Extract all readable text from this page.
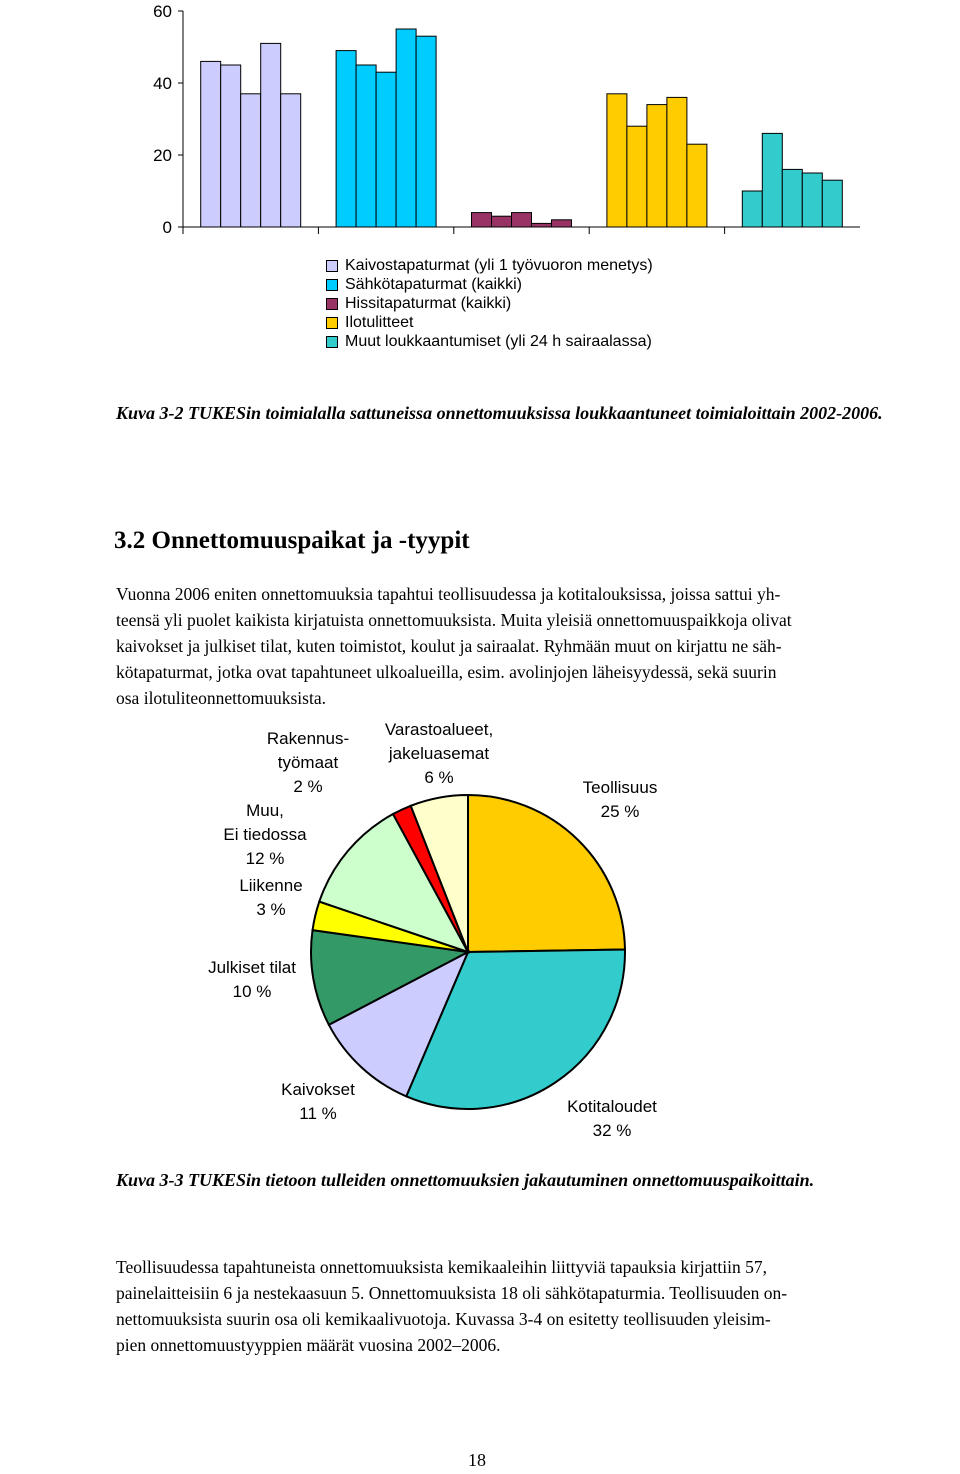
0
20
40
60
Kaivostapaturmat (yli 1 työvuoron menetys)
Sähkötapaturmat (kaikki)
Hissitapaturmat (kaikki)
Ilotulitteet
Muut loukkaantumiset (yli 24 h sairaalassa)
Kuva 3-2 TUKESin toimialalla sattuneissa onnettomuuksissa loukkaantuneet toimialoittain 2002-2006.
3.2 Onnettomuuspaikat ja -tyypit
Vuonna 2006 eniten onnettomuuksia tapahtui teollisuudessa ja kotitalouksissa, joissa sattui yh-
teensä yli puolet kaikista kirjatuista onnettomuuksista. Muita yleisiä onnettomuuspaikkoja olivat
kaivokset ja julkiset tilat, kuten toimistot, koulut ja sairaalat. Ryhmään muut on kirjattu ne säh-
kötapaturmat, jotka ovat tapahtuneet ulkoalueilla, esim. avolinjojen läheisyydessä, sekä suurin
osa ilotuliteonnettomuuksista.
Teollisuus 25 %
Kotitaloudet 32 %
Kaivokset 11 %
Julkiset tilat 10 %
Liikenne 3 %
Muu, Ei tiedossa 12 %
Rakennus-työmaat 2 %
Varastoalueet, jakeluasemat 6 %
Kuva 3-3 TUKESin tietoon tulleiden onnettomuuksien jakautuminen onnettomuuspaikoittain.
Teollisuudessa tapahtuneista onnettomuuksista kemikaaleihin liittyviä tapauksia kirjattiin 57,
painelaitteisiin 6 ja nestekaasuun 5. Onnettomuuksista 18 oli sähkötapaturmia. Teollisuuden on-
nettomuuksista suurin osa oli kemikaalivuotoja. Kuvassa 3-4 on esitetty teollisuuden yleisim-
pien onnettomuustyyppien määrät vuosina 2002–2006.
18
